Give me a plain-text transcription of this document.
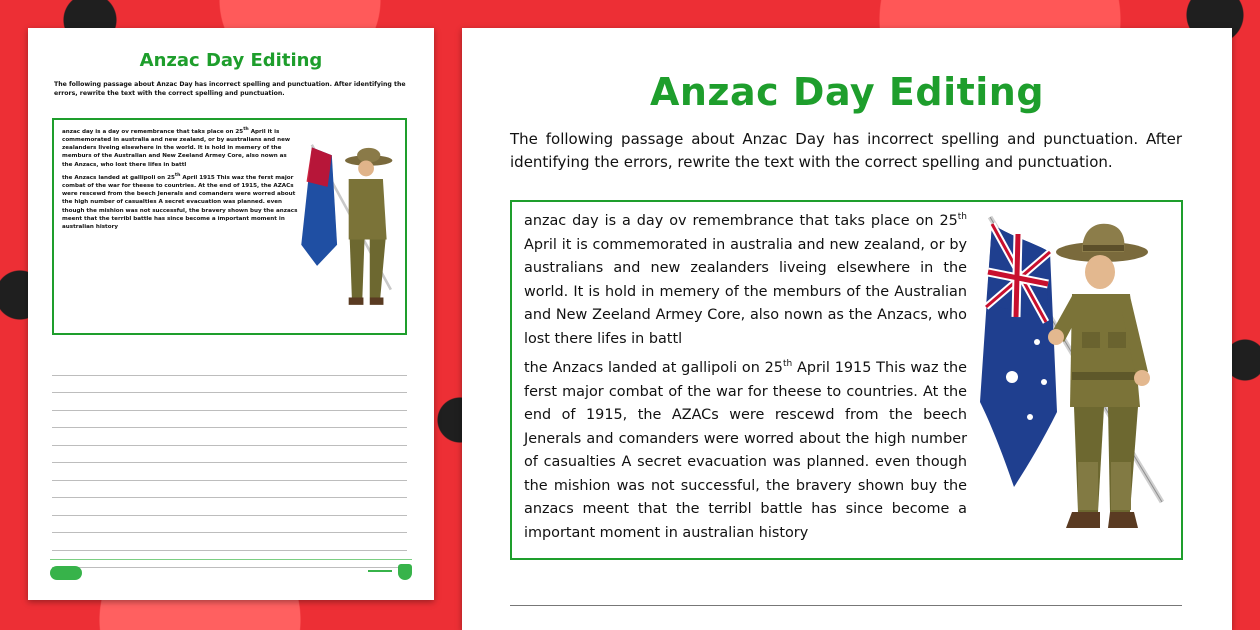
Anzac Day Editing
The following passage about Anzac Day has incorrect spelling and punctuation. After identifying the errors, rewrite the text with the correct spelling and punctuation.

anzac day is a day ov remembrance that taks place on 25th April it is commemorated in australia and new zealand, or by australians and new zealanders liveing elsewhere in the world. It is hold in memery of the memburs of the Australian and New Zeeland Armey Core, also nown as the Anzacs, who lost there lifes in battl

the Anzacs landed at gallipoli on 25th April 1915 This waz the ferst major combat of the war for theese to countries. At the end of 1915, the AZACs were rescewd from the beech Jenerals and comanders were worred about the high number of casualties A secret evacuation was planned. even though the mishion was not successful, the bravery shown buy the anzacs meent that the terribl battle has since become a important moment in australian history

Anzac Day Editing
The following passage about Anzac Day has incorrect spelling and punctuation. After identifying the errors, rewrite the text with the correct spelling and punctuation.

anzac day is a day ov remembrance that taks place on 25th April it is commemorated in australia and new zealand, or by australians and new zealanders liveing elsewhere in the world. It is hold in memery of the memburs of the Australian and New Zeeland Armey Core, also nown as the Anzacs, who lost there lifes in battl

the Anzacs landed at gallipoli on 25th April 1915 This waz the ferst major combat of the war for theese to countries. At the end of 1915, the AZACs were rescewd from the beech Jenerals and comanders were worred about the high number of casualties A secret evacuation was planned. even though the mishion was not successful, the bravery shown buy the anzacs meent that the terribl battle has since become a important moment in australian history
